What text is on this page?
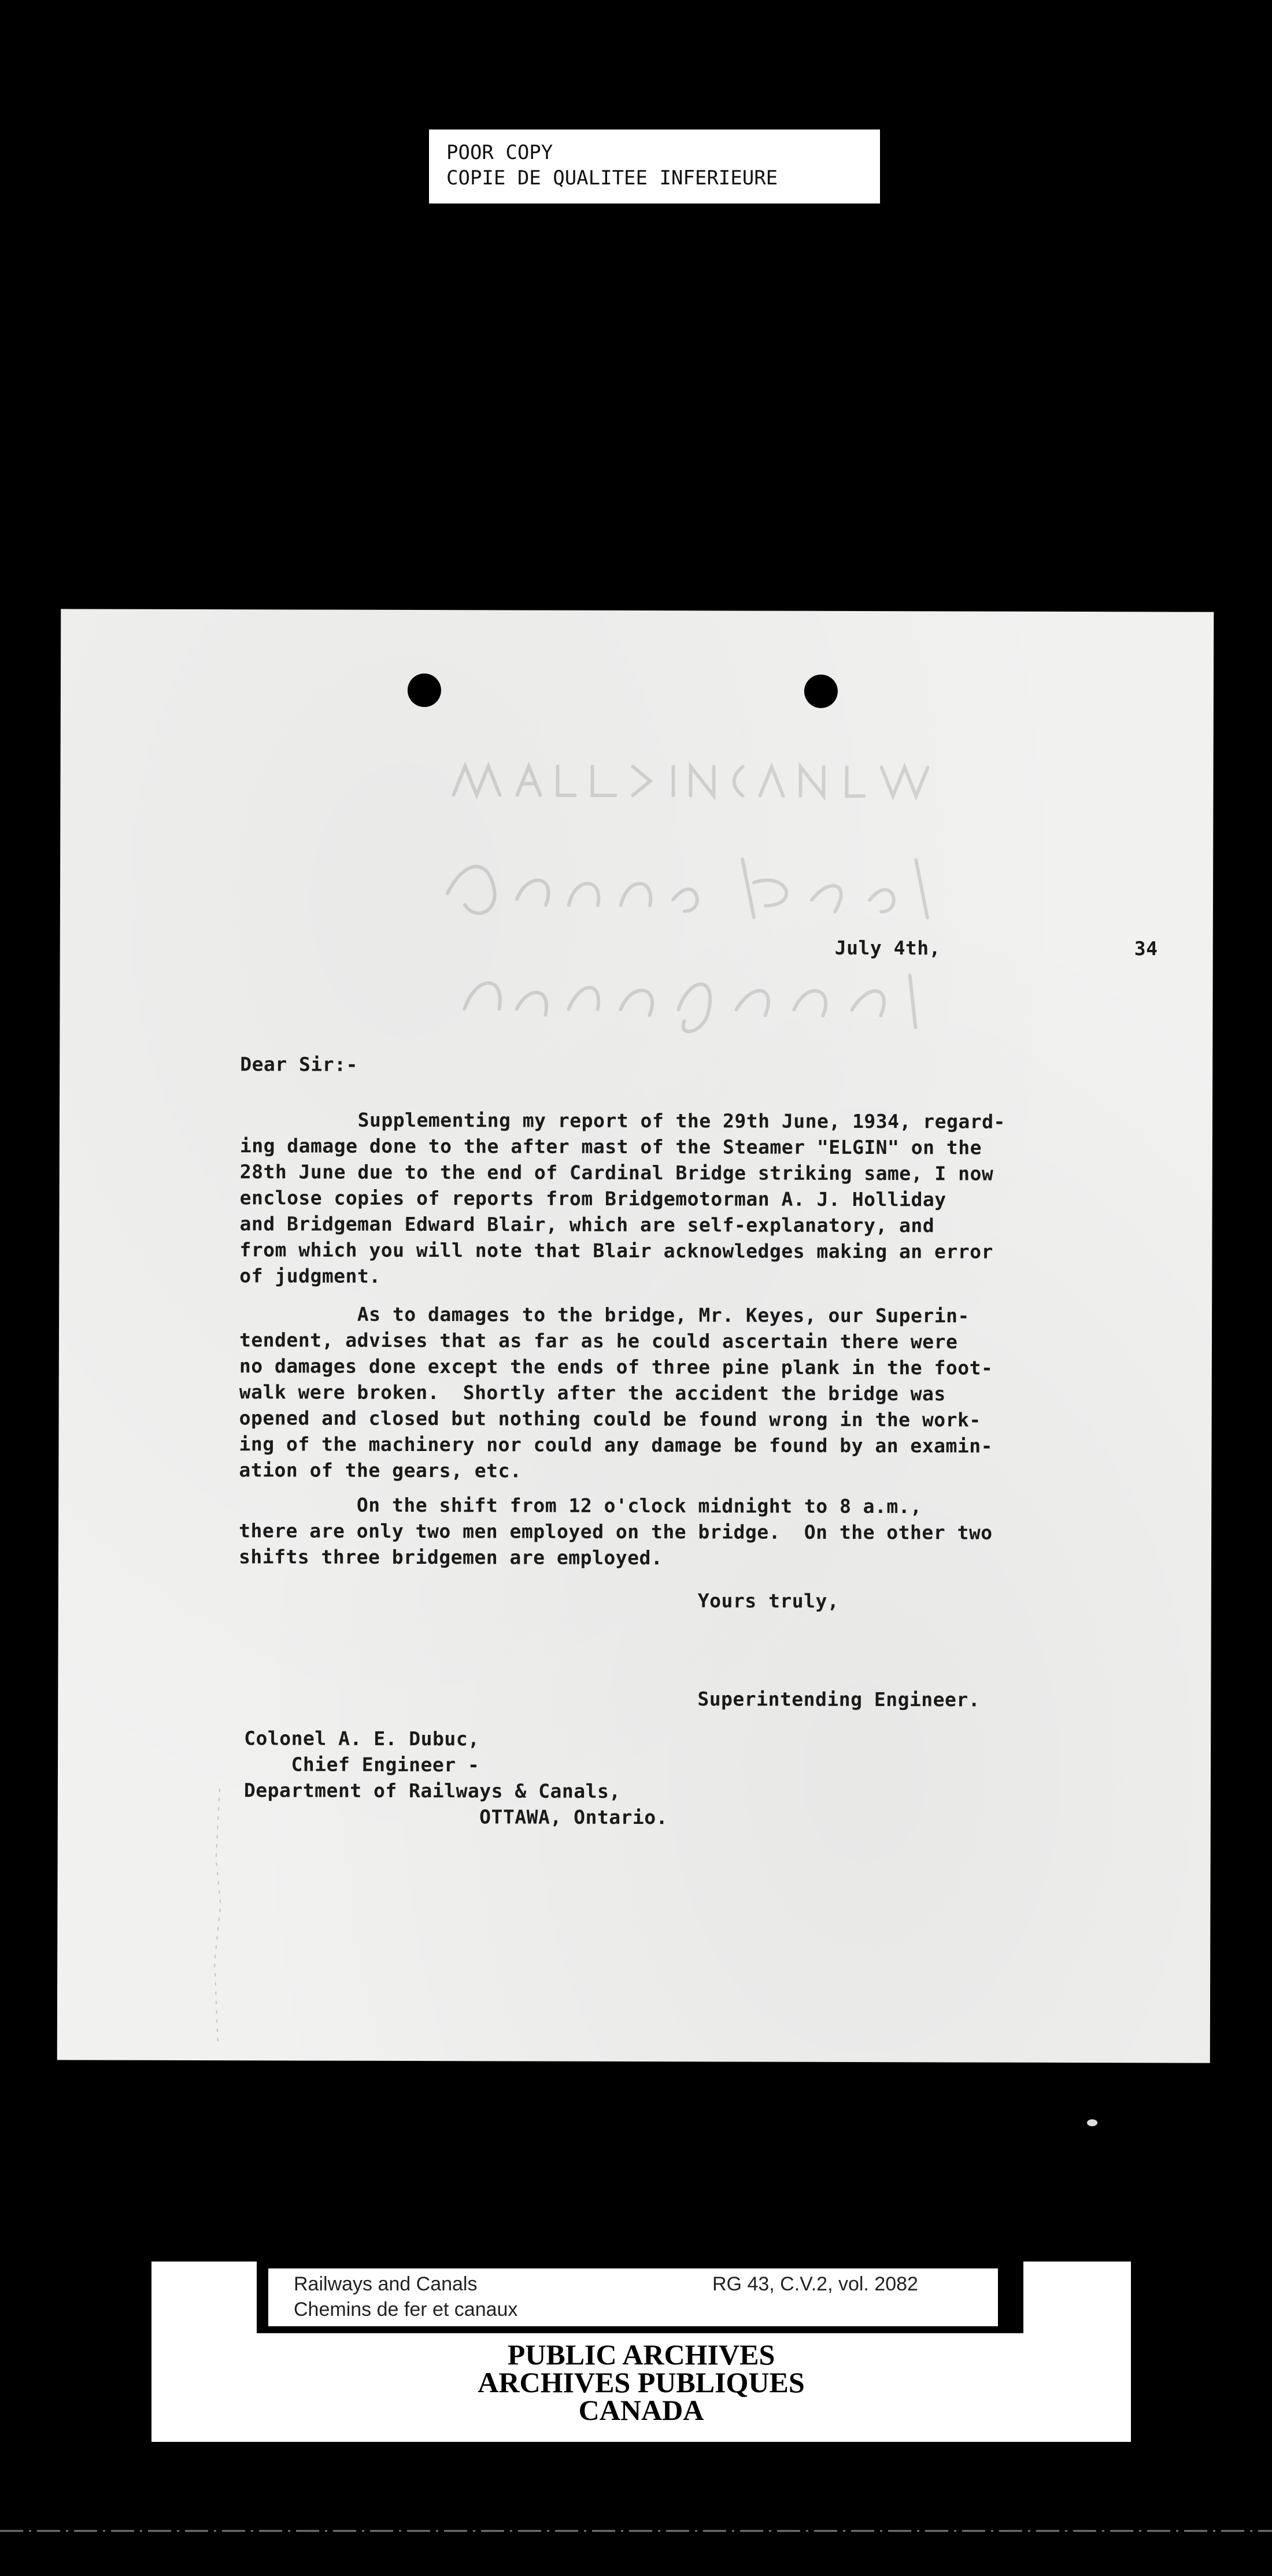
POOR COPY
COPIE DE QUALITEE INFERIEURE
July 4th,	34
Dear Sir:-
Supplementing my report of the 29th June, 1934, regard-
ing damage done to the after mast of the Steamer "ELGIN" on the
28th June due to the end of Cardinal Bridge striking same, I now
enclose copies of reports from Bridgemotorman A. J. Holliday
and Bridgeman Edward Blair, which are self-explanatory, and
from which you will note that Blair acknowledges making an error
of judgment.
As to damages to the bridge, Mr. Keyes, our Superin-
tendent, advises that as far as he could ascertain there were
no damages done except the ends of three pine plank in the foot-
walk were broken.  Shortly after the accident the bridge was
opened and closed but nothing could be found wrong in the work-
ing of the machinery nor could any damage be found by an examin-
ation of the gears, etc.
On the shift from 12 o'clock midnight to 8 a.m.,
there are only two men employed on the bridge.  On the other two
shifts three bridgemen are employed.
Yours truly,
Superintending Engineer.
Colonel A. E. Dubuc,
Chief Engineer -
Department of Railways & Canals,
OTTAWA, Ontario.
Railways and Canals
Chemins de fer et canaux
RG 43, C.V.2, vol. 2082
PUBLIC ARCHIVES
ARCHIVES PUBLIQUES
CANADA
